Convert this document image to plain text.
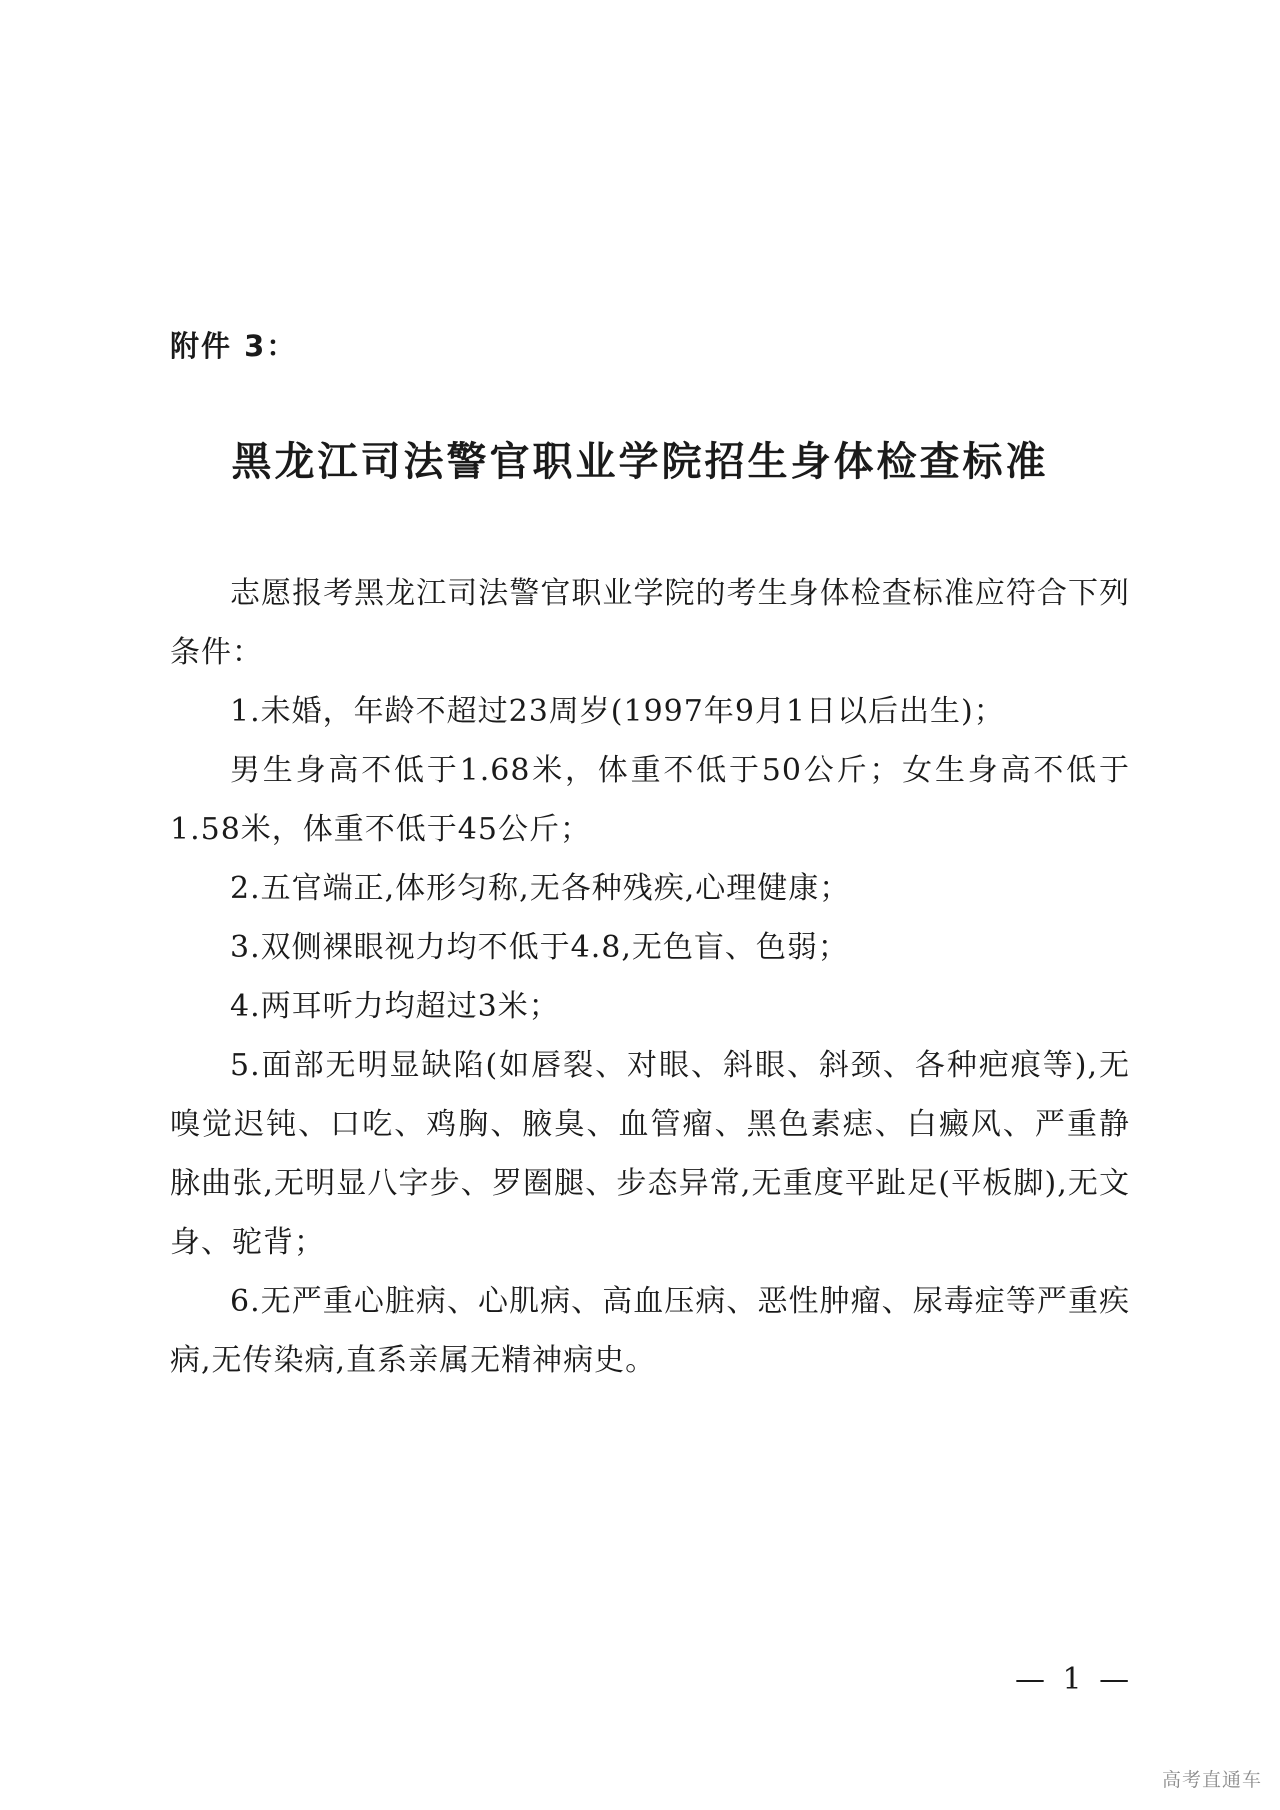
附件 3：
黑龙江司法警官职业学院招生身体检查标准

志愿报考黑龙江司法警官职业学院的考生身体检查标准应符合下列条件：

1.未婚，年龄不超过23周岁(1997年9月1日以后出生)；

男生身高不低于1.68米，体重不低于50公斤；女生身高不低于1.58米，体重不低于45公斤；

2.五官端正,体形匀称,无各种残疾,心理健康；

3.双侧裸眼视力均不低于4.8,无色盲、色弱；

4.两耳听力均超过3米；

5.面部无明显缺陷(如唇裂、对眼、斜眼、斜颈、各种疤痕等),无嗅觉迟钝、口吃、鸡胸、腋臭、血管瘤、黑色素痣、白癜风、严重静脉曲张,无明显八字步、罗圈腿、步态异常,无重度平趾足(平板脚),无文身、驼背；

6.无严重心脏病、心肌病、高血压病、恶性肿瘤、尿毒症等严重疾病,无传染病,直系亲属无精神病史。

— 1 —
高考直通车
